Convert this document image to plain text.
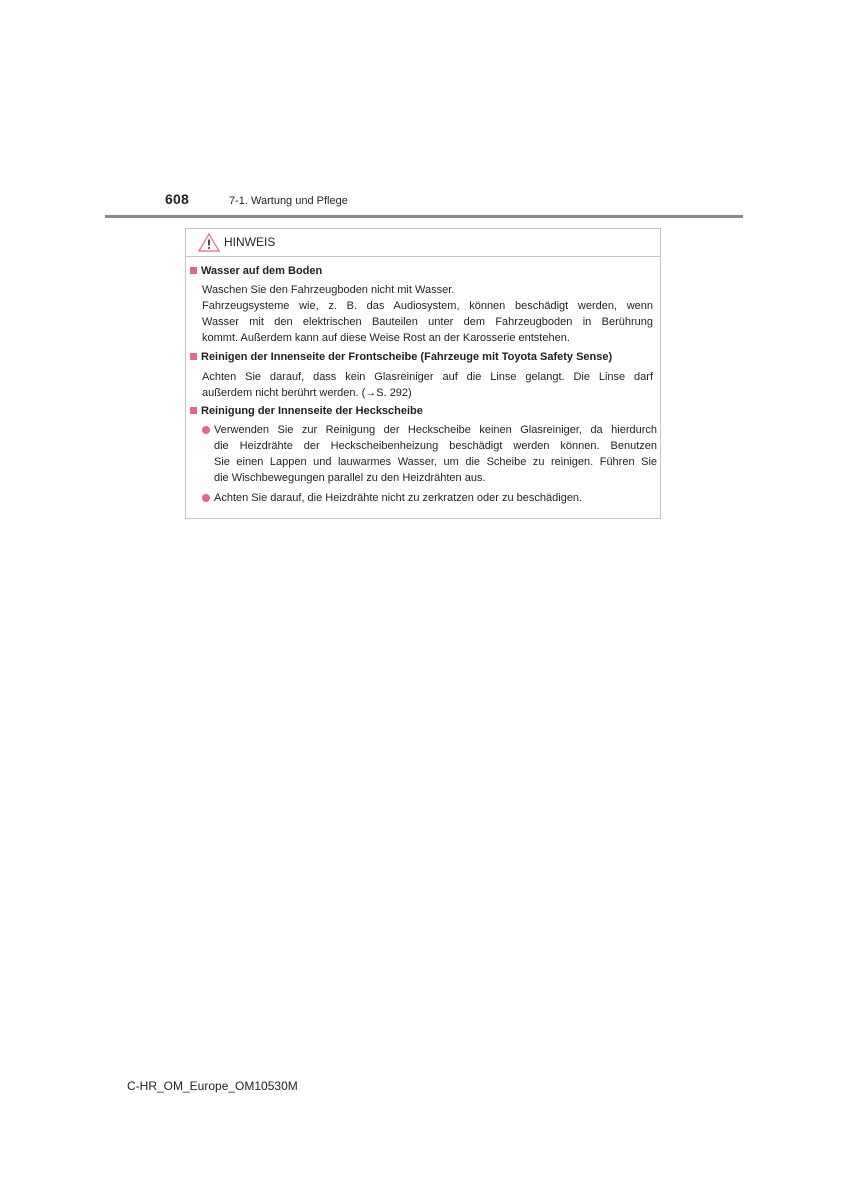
608	7-1. Wartung und Pflege
HINWEIS
Wasser auf dem Boden
Waschen Sie den Fahrzeugboden nicht mit Wasser.
Fahrzeugsysteme wie, z. B. das Audiosystem, können beschädigt werden, wenn
Wasser mit den elektrischen Bauteilen unter dem Fahrzeugboden in Berührung
kommt. Außerdem kann auf diese Weise Rost an der Karosserie entstehen.
Reinigen der Innenseite der Frontscheibe (Fahrzeuge mit Toyota Safety Sense)
Achten Sie darauf, dass kein Glasreiniger auf die Linse gelangt. Die Linse darf
außerdem nicht berührt werden. (→S. 292)
Reinigung der Innenseite der Heckscheibe
Verwenden Sie zur Reinigung der Heckscheibe keinen Glasreiniger, da hierdurch
die Heizdrähte der Heckscheibenheizung beschädigt werden können. Benutzen
Sie einen Lappen und lauwarmes Wasser, um die Scheibe zu reinigen. Führen Sie
die Wischbewegungen parallel zu den Heizdrähten aus.
Achten Sie darauf, die Heizdrähte nicht zu zerkratzen oder zu beschädigen.
C-HR_OM_Europe_OM10530M
